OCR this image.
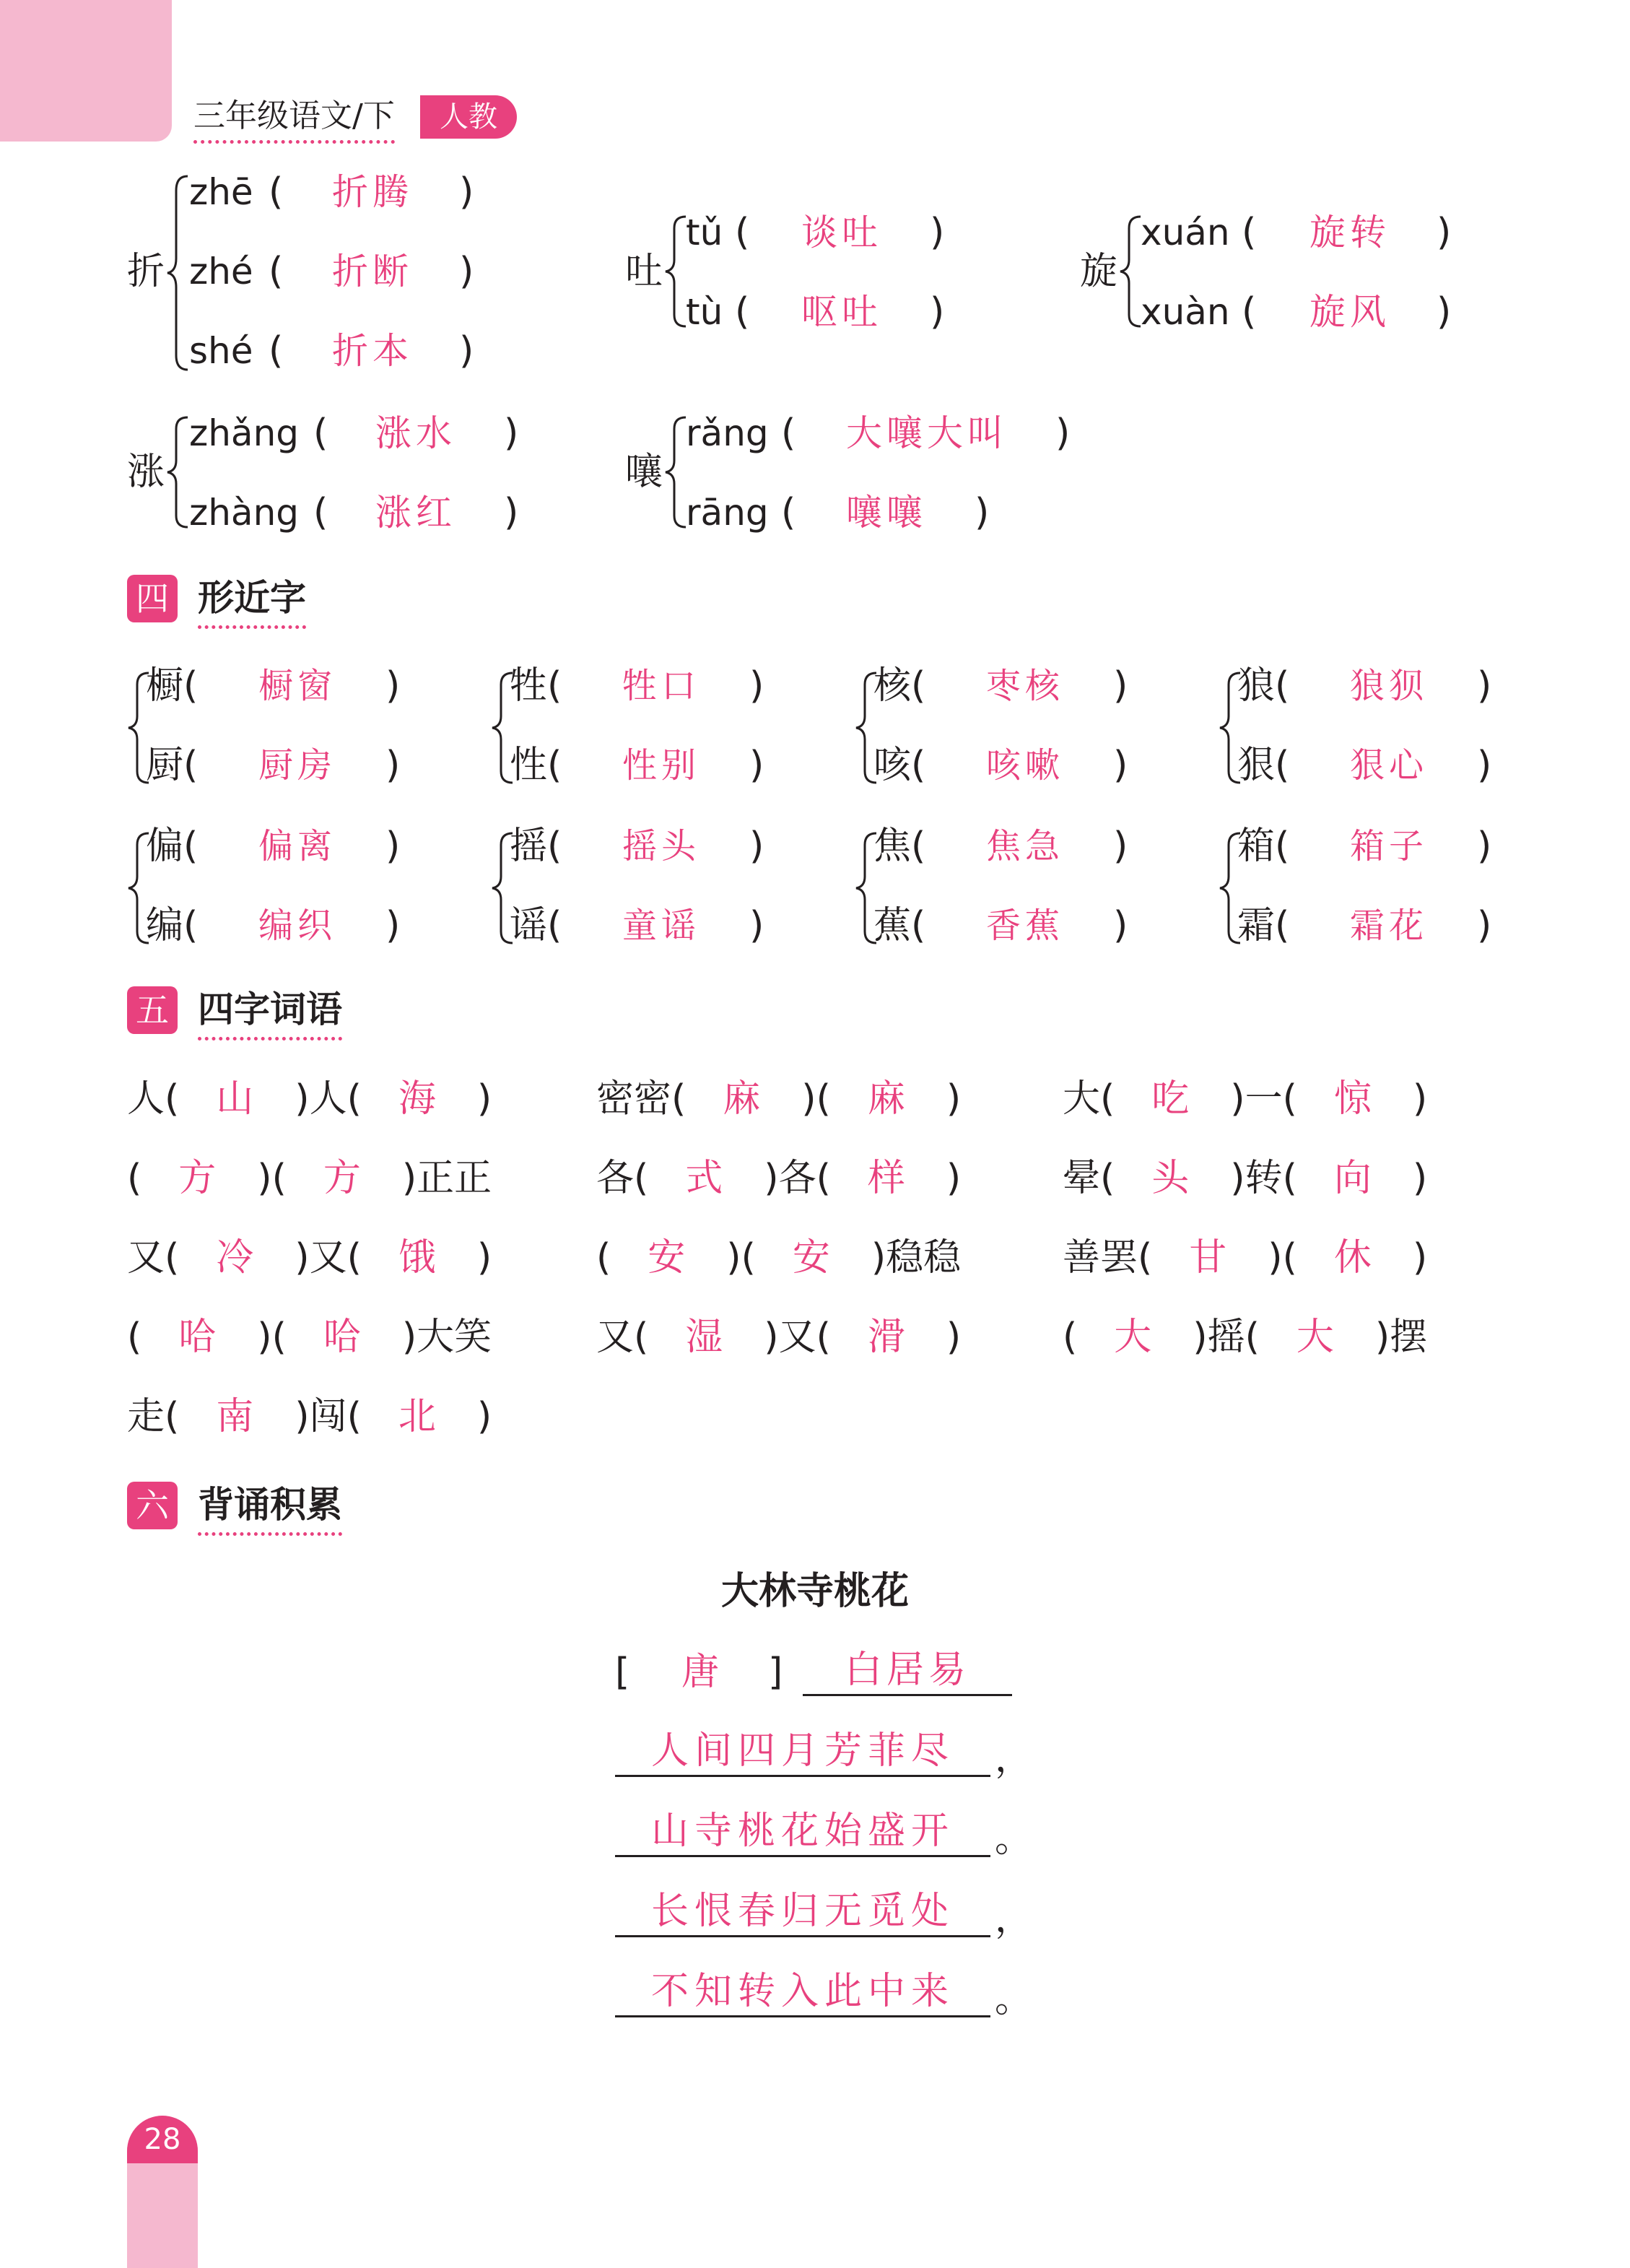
三年级语文/下	人教
折
zhē ( 折腾 )
zhé ( 折断 )
shé ( 折本 )
吐
tǔ ( 谈吐 )
tù ( 呕吐 )
旋
xuán ( 旋转 )
xuàn ( 旋风 )
涨
zhǎng ( 涨水 )
zhàng ( 涨红 )
嚷
rǎng ( 大嚷大叫 )
rāng ( 嚷嚷 )
四 形近字
橱( 橱窗 )
厨( 厨房 )
牲( 牲口 )
性( 性别 )
核( 枣核 )
咳( 咳嗽 )
狼( 狼狈 )
狠( 狠心 )
偏( 偏离 )
编( 编织 )
摇( 摇头 )
谣( 童谣 )
焦( 焦急 )
蕉( 香蕉 )
箱( 箱子 )
霜( 霜花 )
五 四字词语
人( 山 )人( 海 )	密密( 麻 )( 麻 )	大( 吃 )一( 惊 )
( 方 )( 方 )正正	各( 式 )各( 样 )	晕( 头 )转( 向 )
又( 冷 )又( 饿 )	( 安 )( 安 )稳稳	善罢( 甘 )( 休 )
( 哈 )( 哈 )大笑	又( 湿 )又( 滑 )	( 大 )摇( 大 )摆
走( 南 )闯( 北 )
六 背诵积累
大林寺桃花
[ 唐 ]	白居易
人间四月芳菲尽	，
山寺桃花始盛开	。
长恨春归无觅处	，
不知转入此中来	。
28
